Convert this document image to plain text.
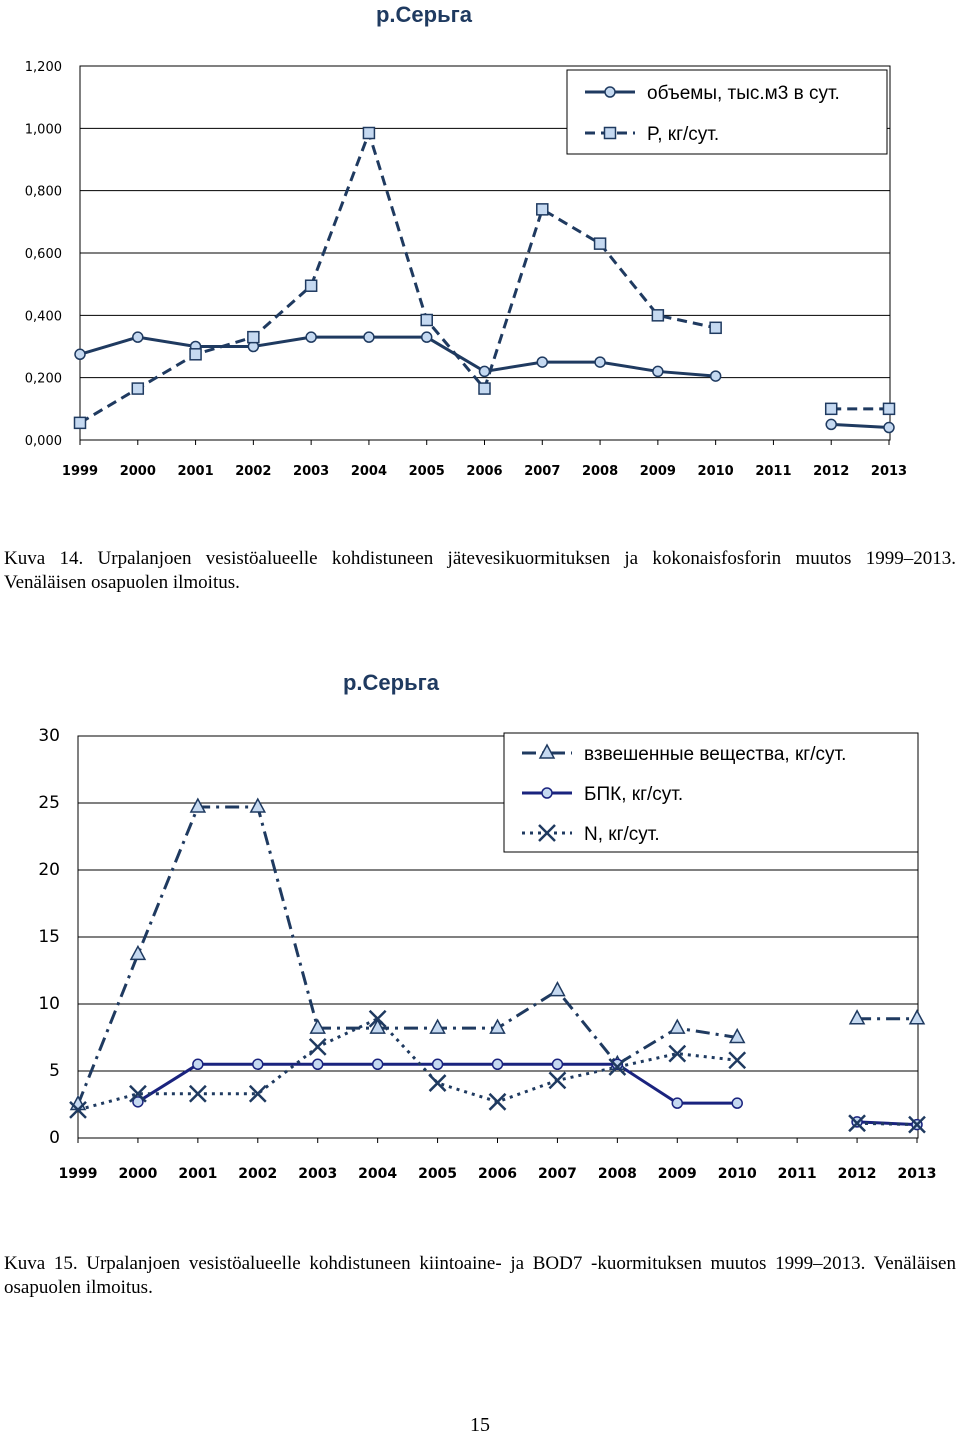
р.Серьга
0,000
0,200
0,400
0,600
0,800
1,000
1,200
1999 2000 2001 2002 2003 2004 2005 2006 2007 2008 2009 2010 2011 2012 2013
объемы, тыс.м3 в сут.
P, кг/сут.
Kuva 14. Urpalanjoen vesistöalueelle kohdistuneen jätevesikuormituksen ja kokonaisfosforin muutos 1999–2013. Venäläisen osapuolen ilmoitus.
р.Серьга
0
5
10
15
20
25
30
1999 2000 2001 2002 2003 2004 2005 2006 2007 2008 2009 2010 2011 2012 2013
взвешенные вещества, кг/сут.
БПК, кг/сут.
N, кг/сут.
Kuva 15. Urpalanjoen vesistöalueelle kohdistuneen kiintoaine- ja BOD7 -kuormituksen muutos 1999–2013. Venäläisen osapuolen ilmoitus.
15
